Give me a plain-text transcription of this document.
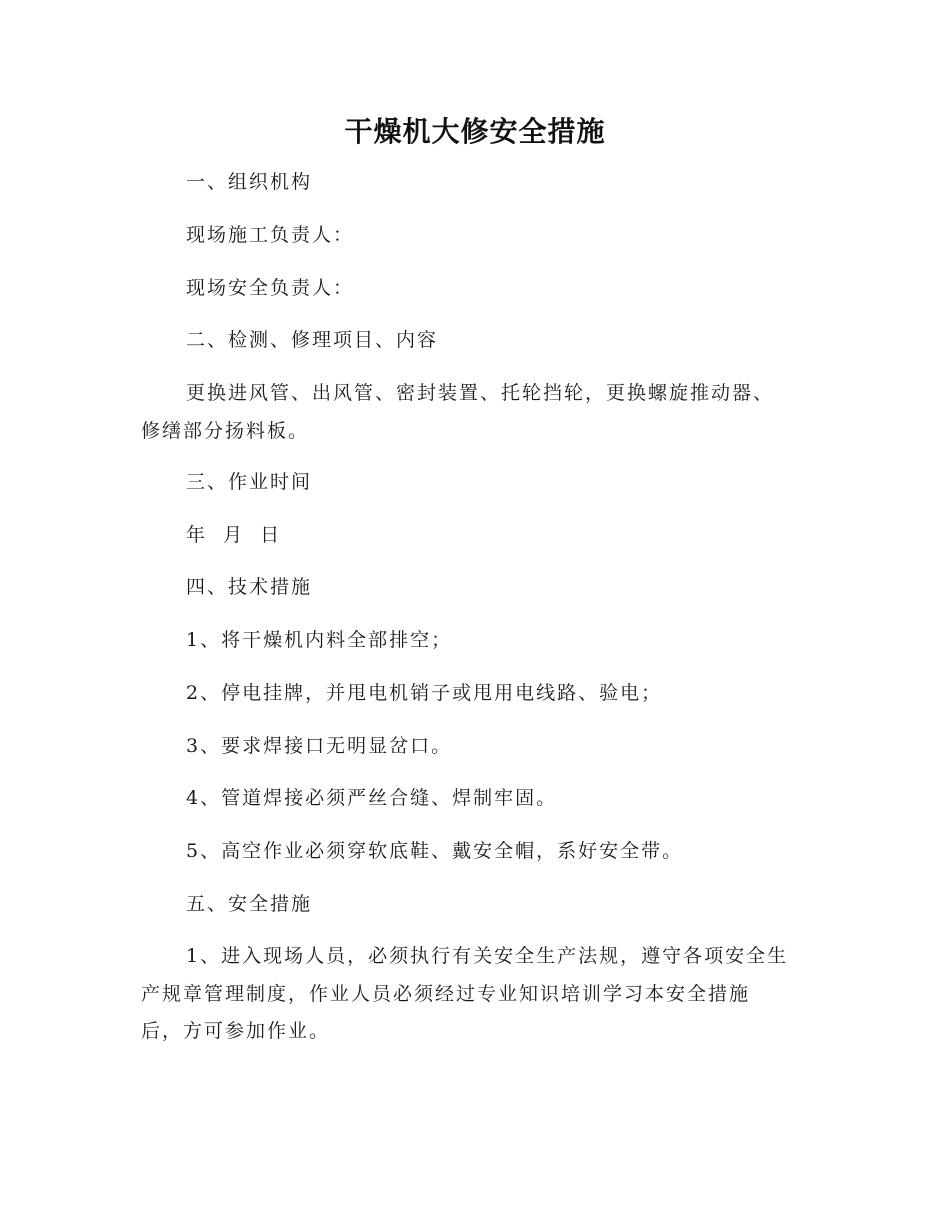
干燥机大修安全措施
一、组织机构
现场施工负责人：
现场安全负责人：
二、检测、修理项目、内容
更换进风管、出风管、密封装置、托轮挡轮，更换螺旋推动器、
修缮部分扬料板。
三、作业时间
年  月  日
四、技术措施
1、将干燥机内料全部排空；
2、停电挂牌，并甩电机销子或甩用电线路、验电；
3、要求焊接口无明显岔口。
4、管道焊接必须严丝合缝、焊制牢固。
5、高空作业必须穿软底鞋、戴安全帽，系好安全带。
五、安全措施
1、进入现场人员，必须执行有关安全生产法规，遵守各项安全生
产规章管理制度，作业人员必须经过专业知识培训学习本安全措施
后，方可参加作业。
